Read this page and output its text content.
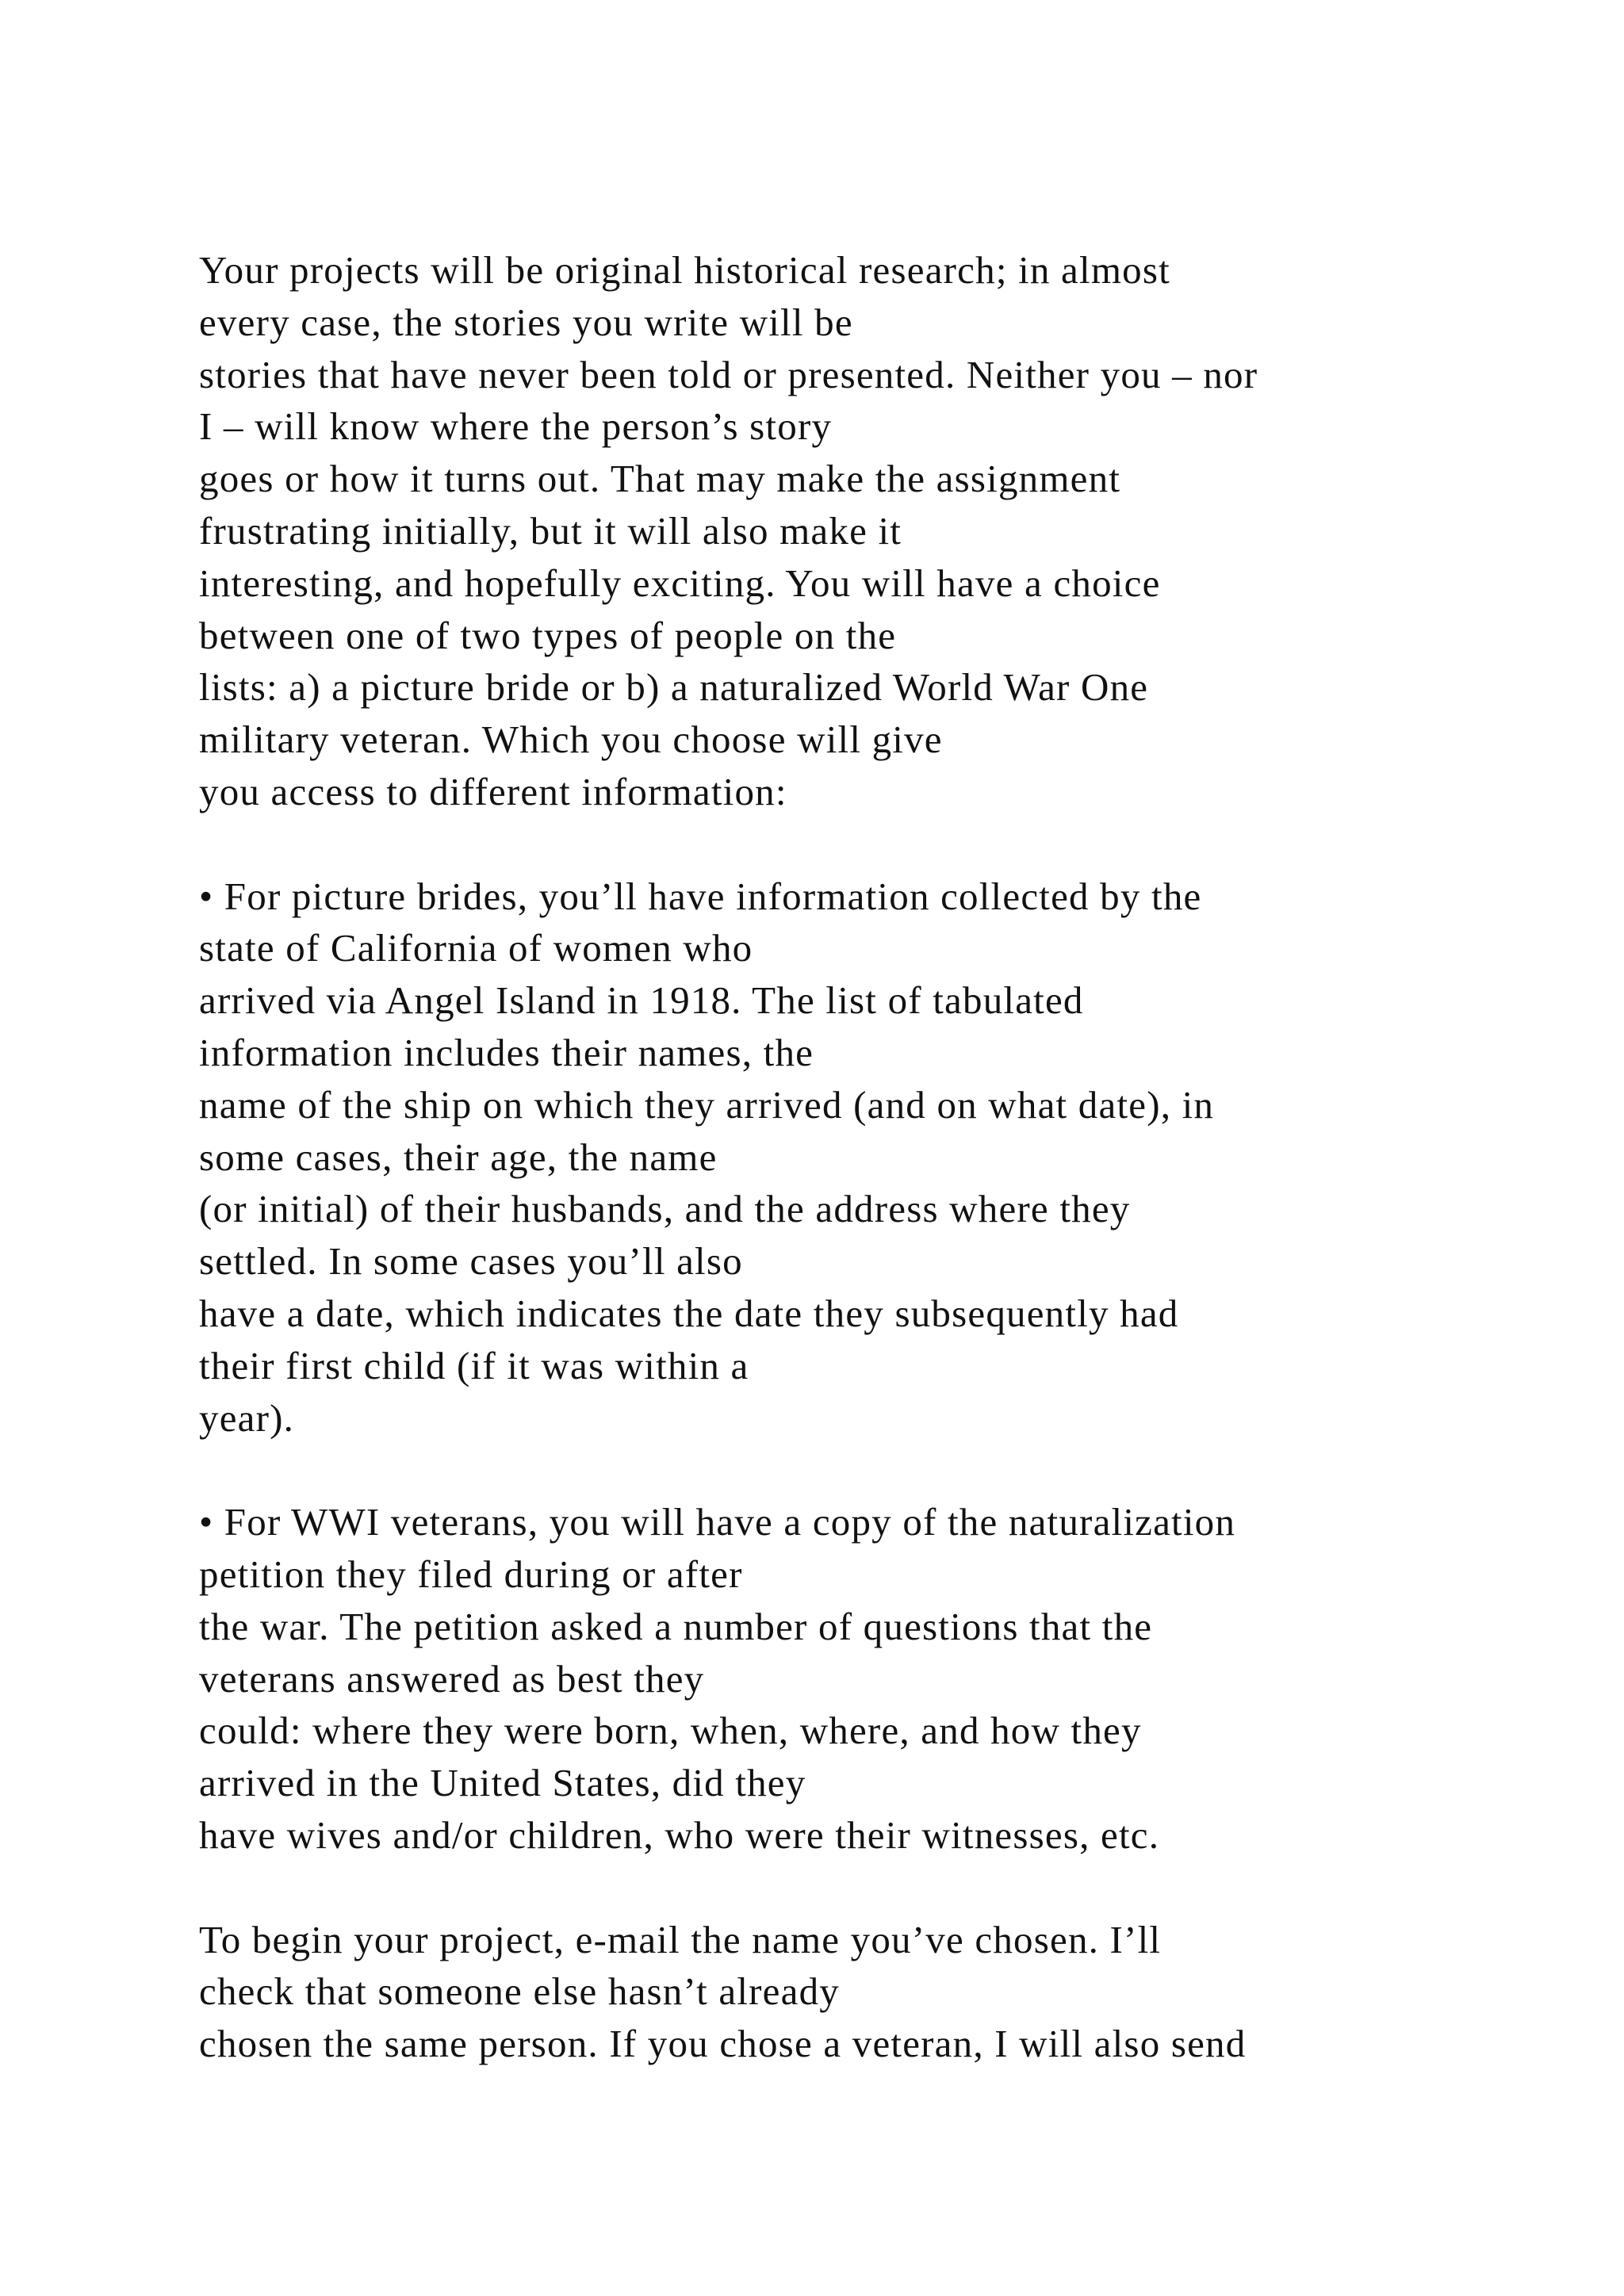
Your projects will be original historical research; in almost
every case, the stories you write will be
stories that have never been told or presented. Neither you – nor
I – will know where the person’s story
goes or how it turns out. That may make the assignment
frustrating initially, but it will also make it
interesting, and hopefully exciting. You will have a choice
between one of two types of people on the
lists: a) a picture bride or b) a naturalized World War One
military veteran. Which you choose will give
you access to different information:
• For picture brides, you’ll have information collected by the
state of California of women who
arrived via Angel Island in 1918. The list of tabulated
information includes their names, the
name of the ship on which they arrived (and on what date), in
some cases, their age, the name
(or initial) of their husbands, and the address where they
settled. In some cases you’ll also
have a date, which indicates the date they subsequently had
their first child (if it was within a
year).
• For WWI veterans, you will have a copy of the naturalization
petition they filed during or after
the war. The petition asked a number of questions that the
veterans answered as best they
could: where they were born, when, where, and how they
arrived in the United States, did they
have wives and/or children, who were their witnesses, etc.
To begin your project, e-mail the name you’ve chosen. I’ll
check that someone else hasn’t already
chosen the same person. If you chose a veteran, I will also send
